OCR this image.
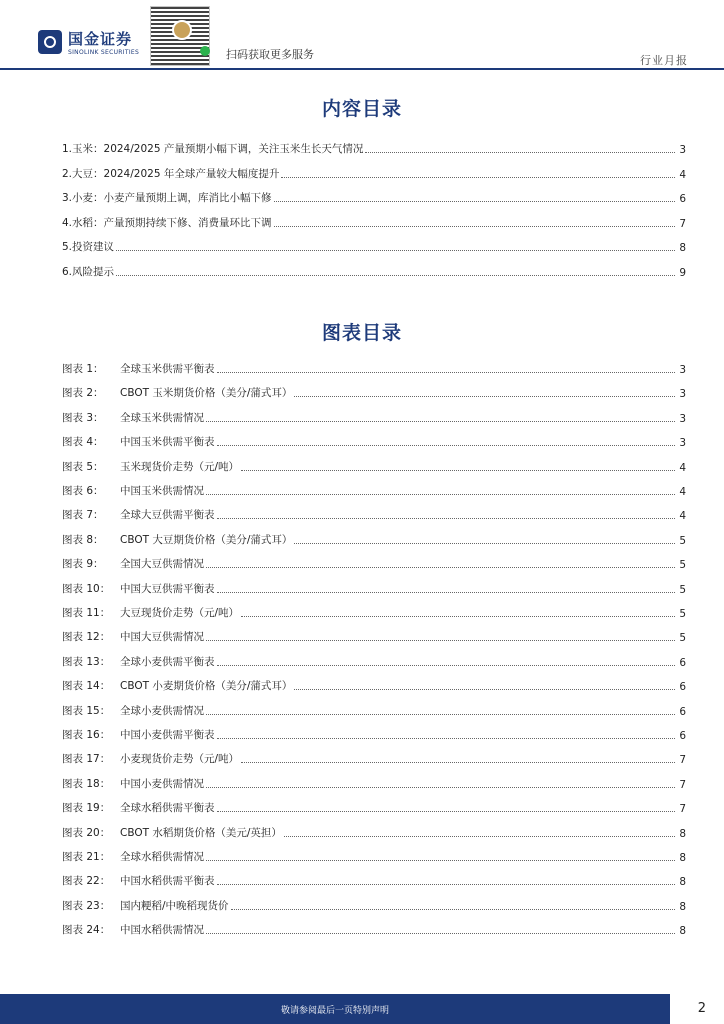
国金证券
SINOLINK SECURITIES	扫码获取更多服务	行业月报
内容目录
1.玉米：2024/2025 产量预期小幅下调，关注玉米生长天气情况	3
2.大豆：2024/2025 年全球产量较大幅度提升	4
3.小麦：小麦产量预期上调，库消比小幅下修	6
4.水稻：产量预期持续下修、消费量环比下调	7
5.投资建议	8
6.风险提示	9
图表目录
图表 1： 全球玉米供需平衡表	3
图表 2： CBOT 玉米期货价格（美分/蒲式耳）	3
图表 3： 全球玉米供需情况	3
图表 4： 中国玉米供需平衡表	3
图表 5： 玉米现货价走势（元/吨）	4
图表 6： 中国玉米供需情况	4
图表 7： 全球大豆供需平衡表	4
图表 8： CBOT 大豆期货价格（美分/蒲式耳）	5
图表 9： 全国大豆供需情况	5
图表 10： 中国大豆供需平衡表	5
图表 11： 大豆现货价走势（元/吨）	5
图表 12： 中国大豆供需情况	5
图表 13： 全球小麦供需平衡表	6
图表 14： CBOT 小麦期货价格（美分/蒲式耳）	6
图表 15： 全球小麦供需情况	6
图表 16： 中国小麦供需平衡表	6
图表 17： 小麦现货价走势（元/吨）	7
图表 18： 中国小麦供需情况	7
图表 19： 全球水稻供需平衡表	7
图表 20： CBOT 水稻期货价格（美元/英担）	8
图表 21： 全球水稻供需情况	8
图表 22： 中国水稻供需平衡表	8
图表 23： 国内粳稻/中晚稻现货价	8
图表 24： 中国水稻供需情况	8
敬请参阅最后一页特别声明	2
